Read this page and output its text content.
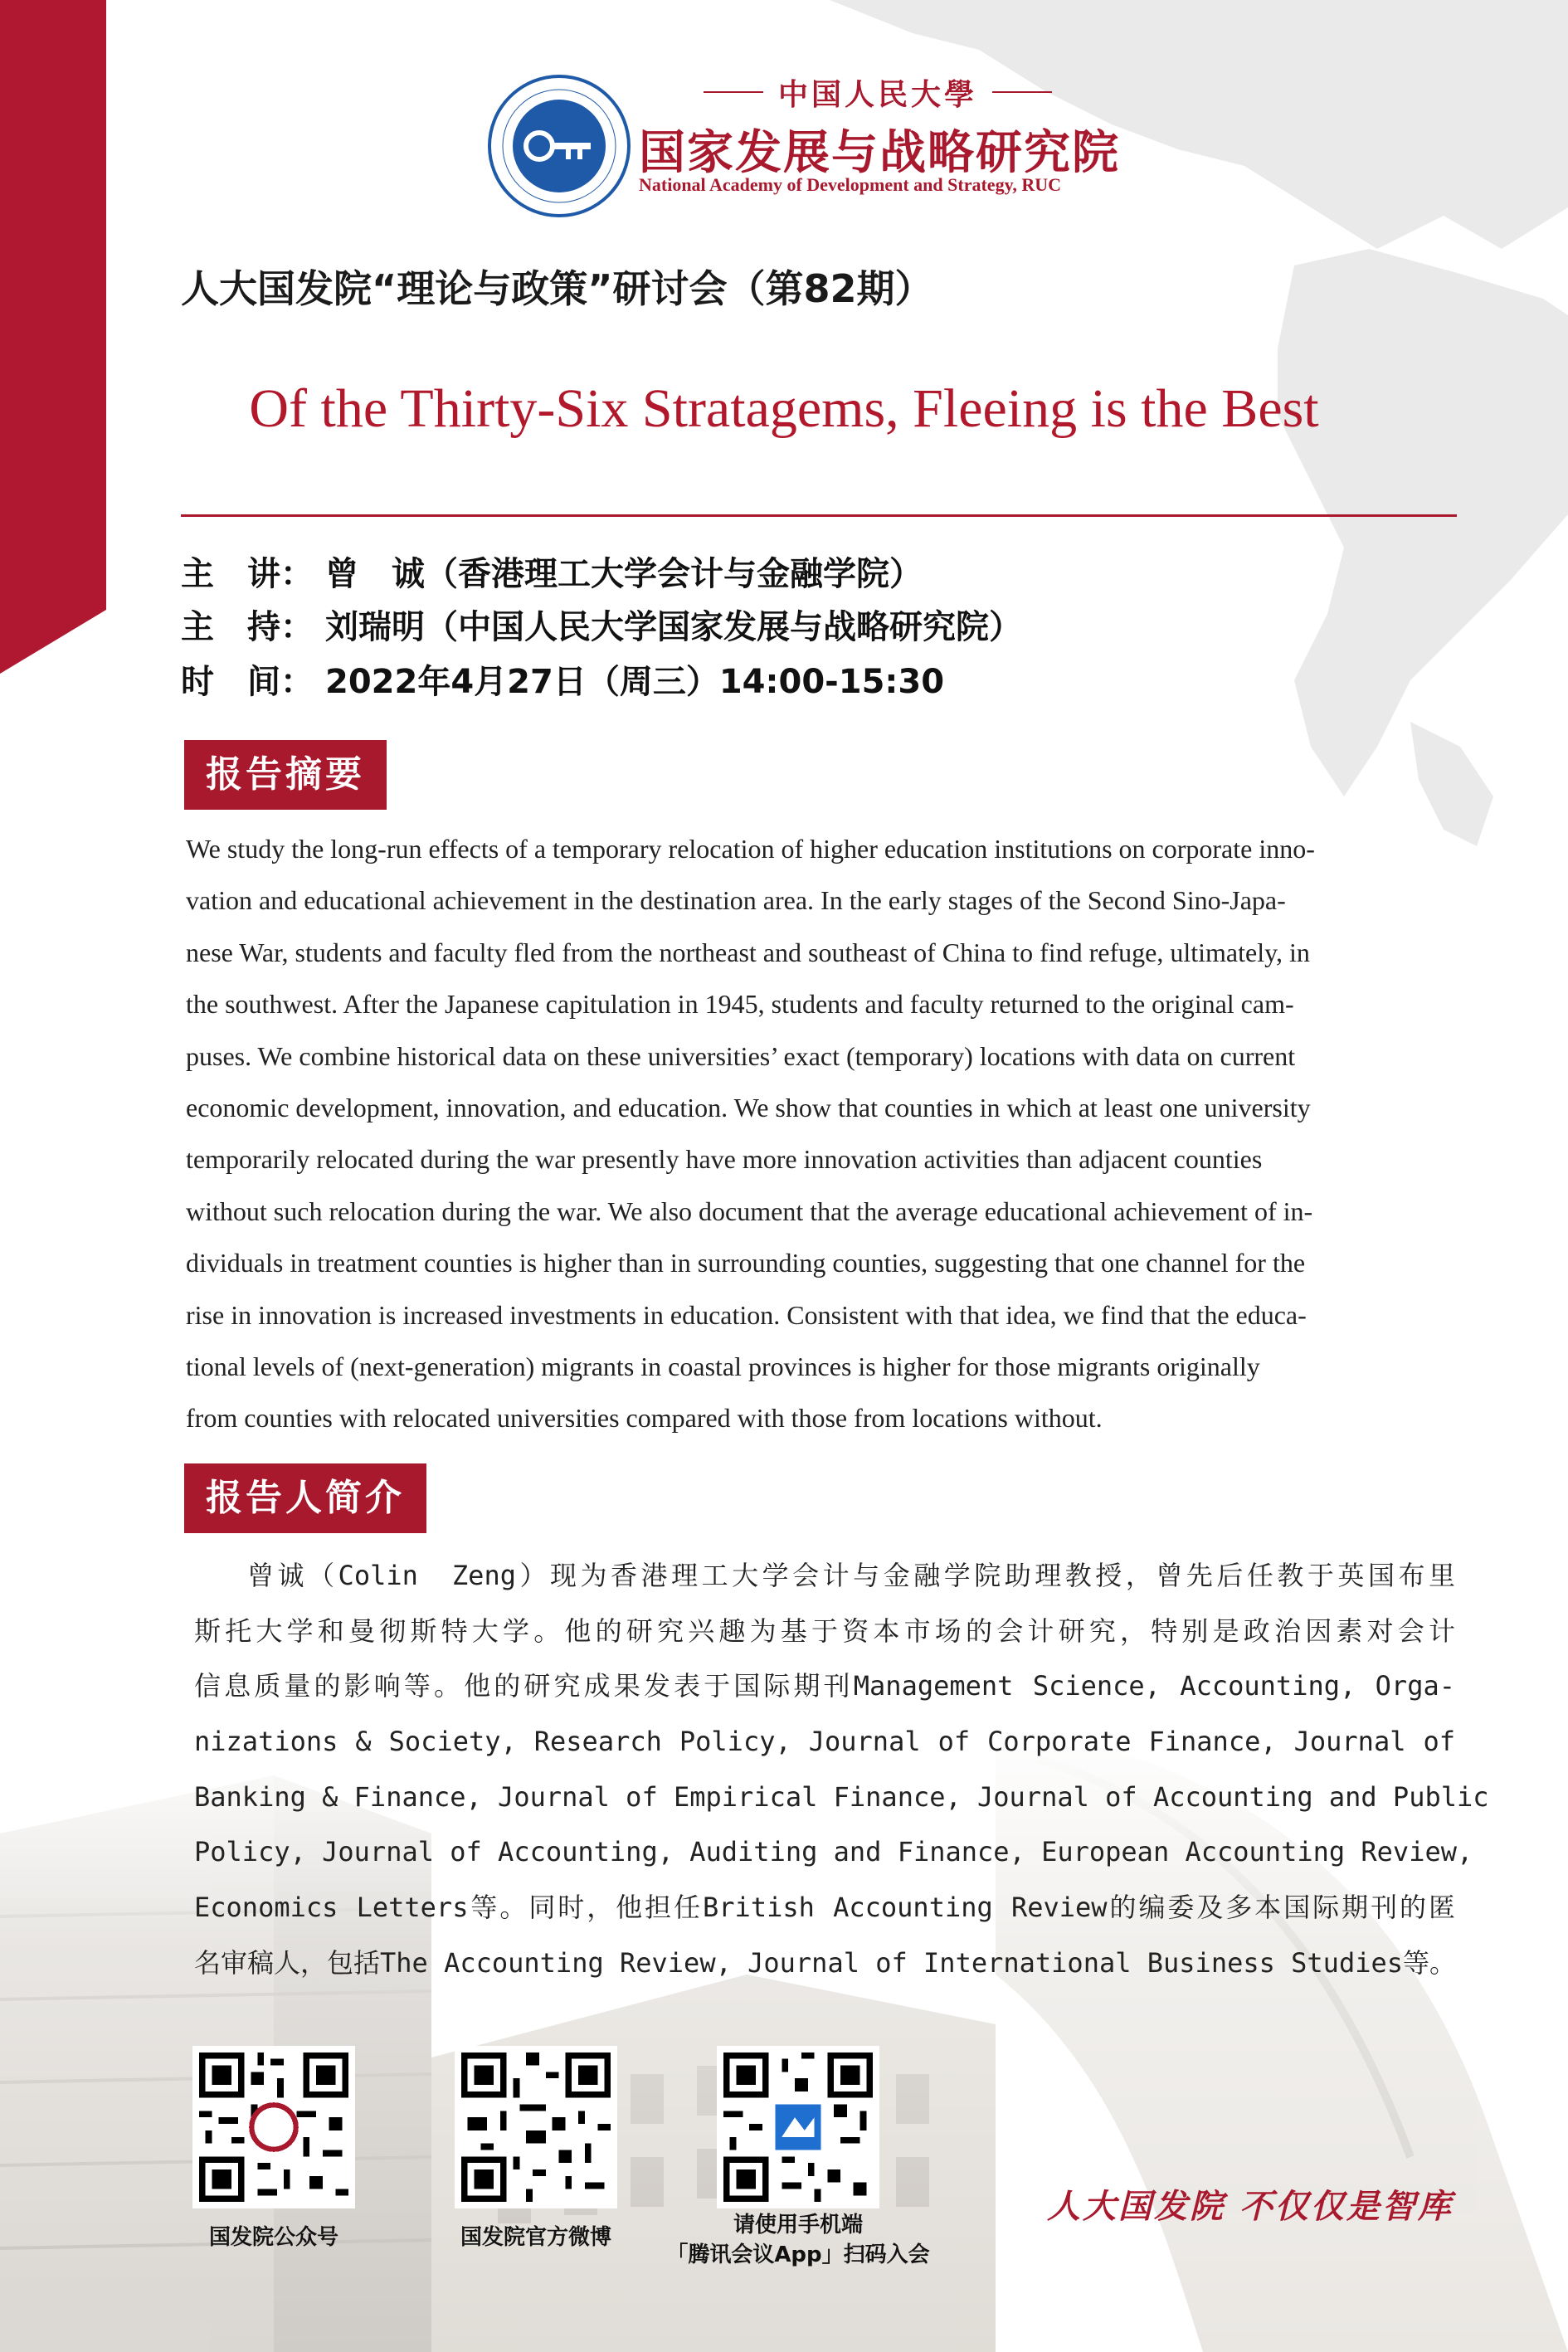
中国人民大學
国家发展与战略研究院
National Academy of Development and Strategy, RUC
人大国发院“理论与政策”研讨会（第82期）
Of the Thirty-Six Stratagems, Fleeing is the Best
主　讲： 曾　诚（香港理工大学会计与金融学院）
主　持： 刘瑞明（中国人民大学国家发展与战略研究院）
时　间： 2022年4月27日（周三）14:00-15:30
报告摘要
We study the long-run effects of a temporary relocation of higher education institutions on corporate inno-
vation and educational achievement in the destination area. In the early stages of the Second Sino-Japa-
nese War, students and faculty fled from the northeast and southeast of China to find refuge, ultimately, in
the southwest. After the Japanese capitulation in 1945, students and faculty returned to the original cam-
puses. We combine historical data on these universities’ exact (temporary) locations with data on current
economic development, innovation, and education. We show that counties in which at least one university
temporarily relocated during the war presently have more innovation activities than adjacent counties
without such relocation during the war. We also document that the average educational achievement of in-
dividuals in treatment counties is higher than in surrounding counties, suggesting that one channel for the
rise in innovation is increased investments in education. Consistent with that idea, we find that the educa-
tional levels of (next-generation) migrants in coastal provinces is higher for those migrants originally
from counties with relocated universities compared with those from locations without.
报告人简介
曾诚（Colin　Zeng）现为香港理工大学会计与金融学院助理教授，曾先后任教于英国布里
斯托大学和曼彻斯特大学。他的研究兴趣为基于资本市场的会计研究，特别是政治因素对会计
信息质量的影响等。他的研究成果发表于国际期刊Management Science, Accounting, Orga-
nizations & Society, Research Policy, Journal of Corporate Finance, Journal of
Banking & Finance, Journal of Empirical Finance, Journal of Accounting and Public
Policy, Journal of Accounting, Auditing and Finance, European Accounting Review,
Economics Letters等。同时，他担任British Accounting Review的编委及多本国际期刊的匿
名审稿人，包括The Accounting Review, Journal of International Business Studies等。
国发院公众号	国发院官方微博	请使用手机端
「腾讯会议App」扫码入会
人大国发院 不仅仅是智库
